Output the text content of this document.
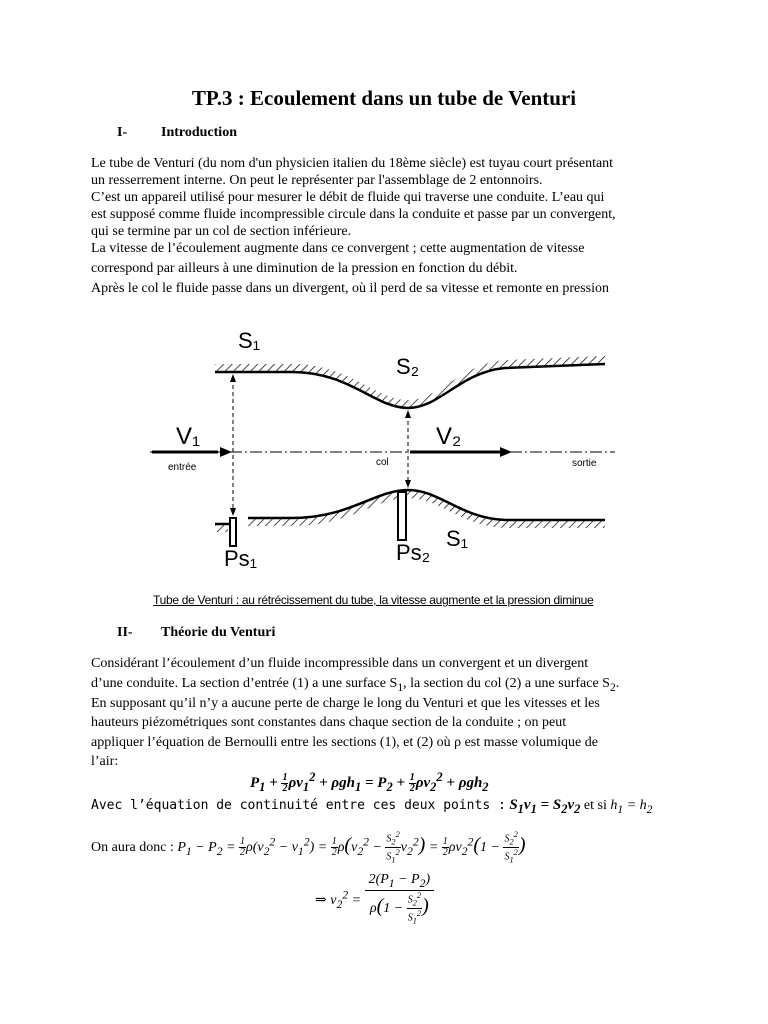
TP.3 : Ecoulement dans un tube de Venturi
I- Introduction
Le tube de Venturi (du nom d'un physicien italien du 18ème siècle) est tuyau court présentant
un resserrement interne. On peut le représenter par l'assemblage de 2 entonnoirs.
C’est un appareil utilisé pour mesurer le débit de fluide qui traverse une conduite. L’eau qui
est supposé comme fluide incompressible circule dans la conduite et passe par un convergent,
qui se termine par un col de section inférieure.
La vitesse de l’écoulement augmente dans ce convergent ; cette augmentation de vitesse
correspond par ailleurs à une diminution de la pression en fonction du débit.
Après le col le fluide passe dans un divergent, où il perd de sa vitesse et remonte en pression
S₁
S₂
V₁	V₂
entrée	col	sortie
S₁
Ps₁	Ps₂
Tube de Venturi : au rétrécissement du tube, la vitesse augmente et la pression diminue
II- Théorie du Venturi
Considérant l’écoulement d’un fluide incompressible dans un convergent et un divergent
d’une conduite. La section d’entrée (1) a une surface $S_1$, la section du col (2) a une surface $S_2$.
En supposant qu’il n’y a aucune perte de charge le long du Venturi et que les vitesses et les
hauteurs piézométriques sont constantes dans chaque section de la conduite ; on peut
appliquer l’équation de Bernoulli entre les sections (1), et (2) où ρ est masse volumique de
l’air:
$P_1 + \frac{1}{2} \rho v_1^2 + \rho gh_1 = P_2 + \frac{1}{2} \rho v_2^2 + \rho gh_2$
Avec l’équation de continuité entre ces deux points : $S_1v_1 = S_2v_2$ et si $h_1 = h_2$
On aura donc : $P_1 - P_2 = \frac{1}{2} \rho(v_2^2 - v_1^2) = \frac{1}{2} \rho(v_2^2 - \frac{S_2^2}{S_1^2} v_2^2) = \frac{1}{2} \rho v_2^2(1 - \frac{S_2^2}{S_1^2}$ )
⇒ $v_2^2 = \frac{2(P_1 - P_2)}{\rho(1 - \frac{S_2^2}{S_1^2} )}$
